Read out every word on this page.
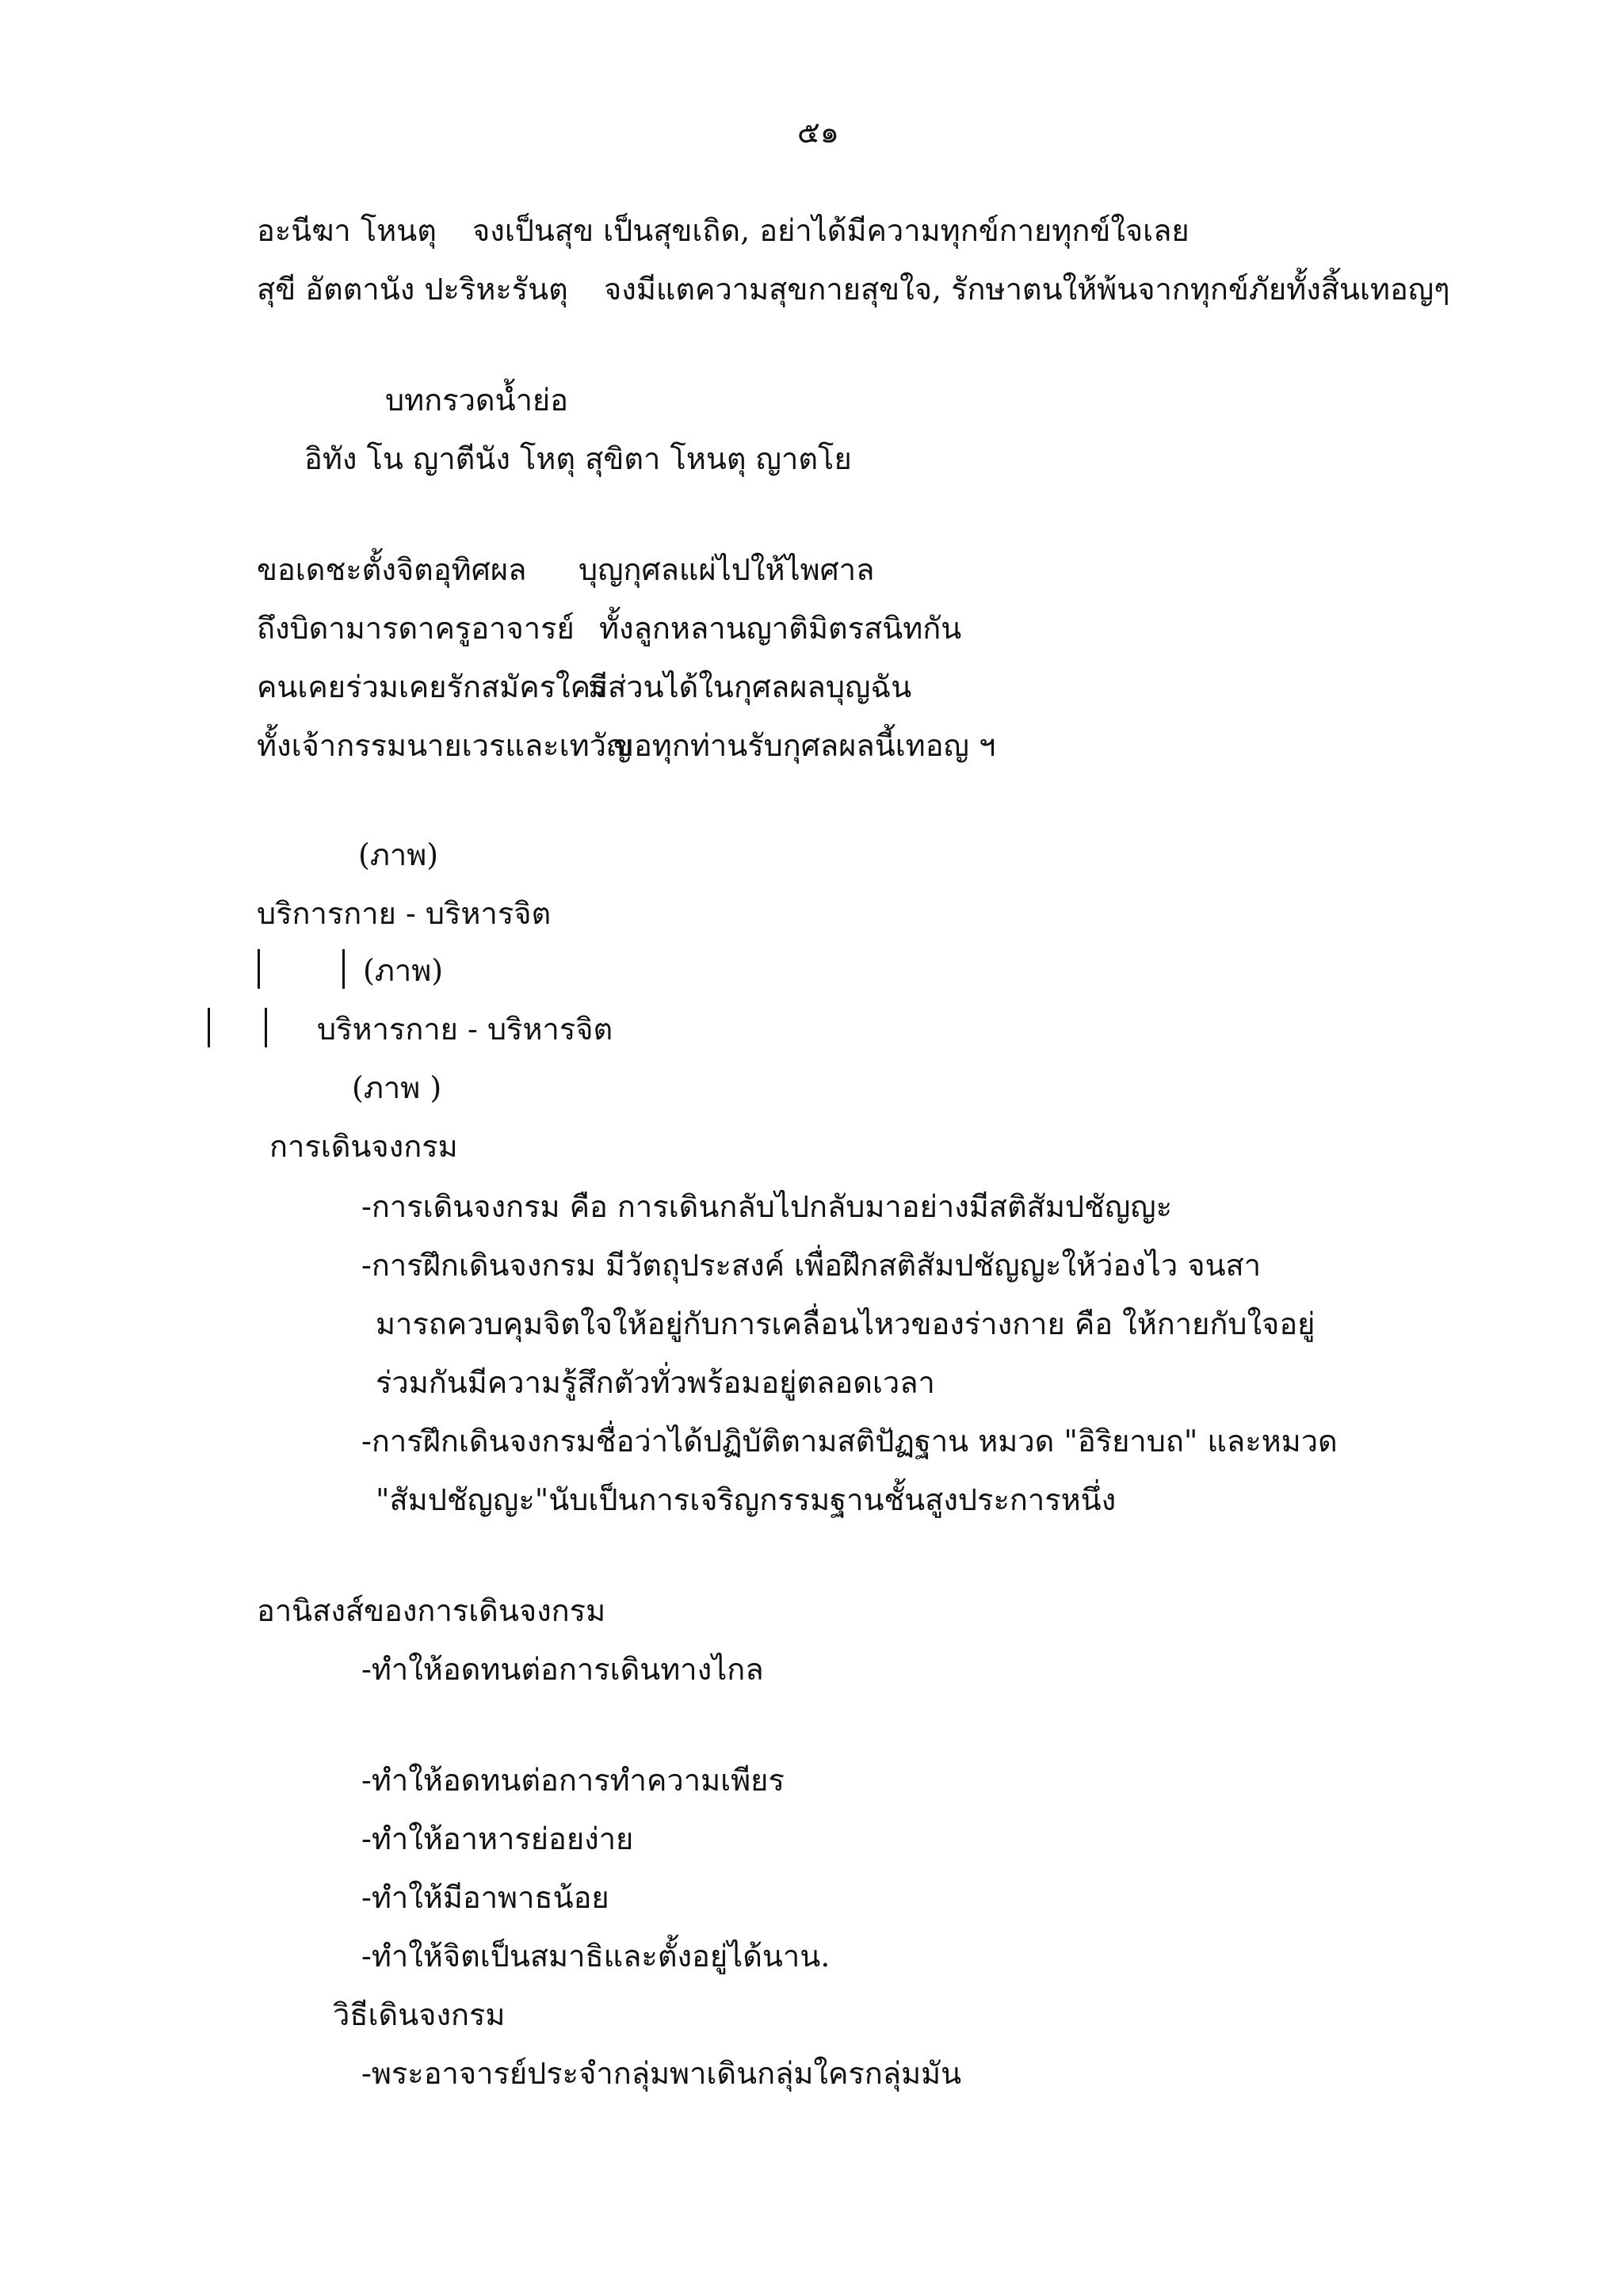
๕๑

อะนีฆา โหนตุ จงเป็นสุข เป็นสุขเถิด, อย่าได้มีความทุกข์กายทุกข์ใจเลย

สุขี อัตตานัง ปะริหะรันตุ จงมีแตความสุขกายสุขใจ, รักษาตนให้พ้นจากทุกข์ภัยทั้งสิ้นเทอญๆ

บทกรวดน้ำย่อ

อิทัง โน ญาตีนัง โหตุ สุขิตา โหนตุ ญาตโย

ขอเดชะตั้งจิตอุทิศผล บุญกุศลแผ่ไปให้ไพศาล

ถึงบิดามารดาครูอาจารย์ ทั้งลูกหลานญาติมิตรสนิทกัน

คนเคยร่วมเคยรักสมัครใคร่

มีส่วนได้ในกุศลผลบุญฉัน

ทั้งเจ้ากรรมนายเวรและเทวัญ

ขอทุกท่านรับกุศลผลนี้เทอญ ฯ

(ภาพ)

บริการกาย - บริหารจิต

(ภาพ)

บริหารกาย - บริหารจิต

(ภาพ )

การเดินจงกรม

-การเดินจงกรม คือ การเดินกลับไปกลับมาอย่างมีสติสัมปชัญญะ

-การฝึกเดินจงกรม มีวัตถุประสงค์ เพื่อฝึกสติสัมปชัญญะให้ว่องไว จนสา

มารถควบคุมจิตใจให้อยู่กับการเคลื่อนไหวของร่างกาย คือ ให้กายกับใจอยู่

ร่วมกันมีความรู้สึกตัวทั่วพร้อมอยู่ตลอดเวลา

-การฝึกเดินจงกรมชื่อว่าได้ปฏิบัติตามสติปัฏฐาน หมวด "อิริยาบถ" และหมวด

"สัมปชัญญะ"นับเป็นการเจริญกรรมฐานชั้นสูงประการหนึ่ง

อานิสงส์ของการเดินจงกรม

-ทำให้อดทนต่อการเดินทางไกล

-ทำให้อดทนต่อการทำความเพียร

-ทำให้อาหารย่อยง่าย

-ทำให้มีอาพาธน้อย

-ทำให้จิตเป็นสมาธิและตั้งอยู่ได้นาน.

วิธีเดินจงกรม

-พระอาจารย์ประจำกลุ่มพาเดินกลุ่มใครกลุ่มมัน
